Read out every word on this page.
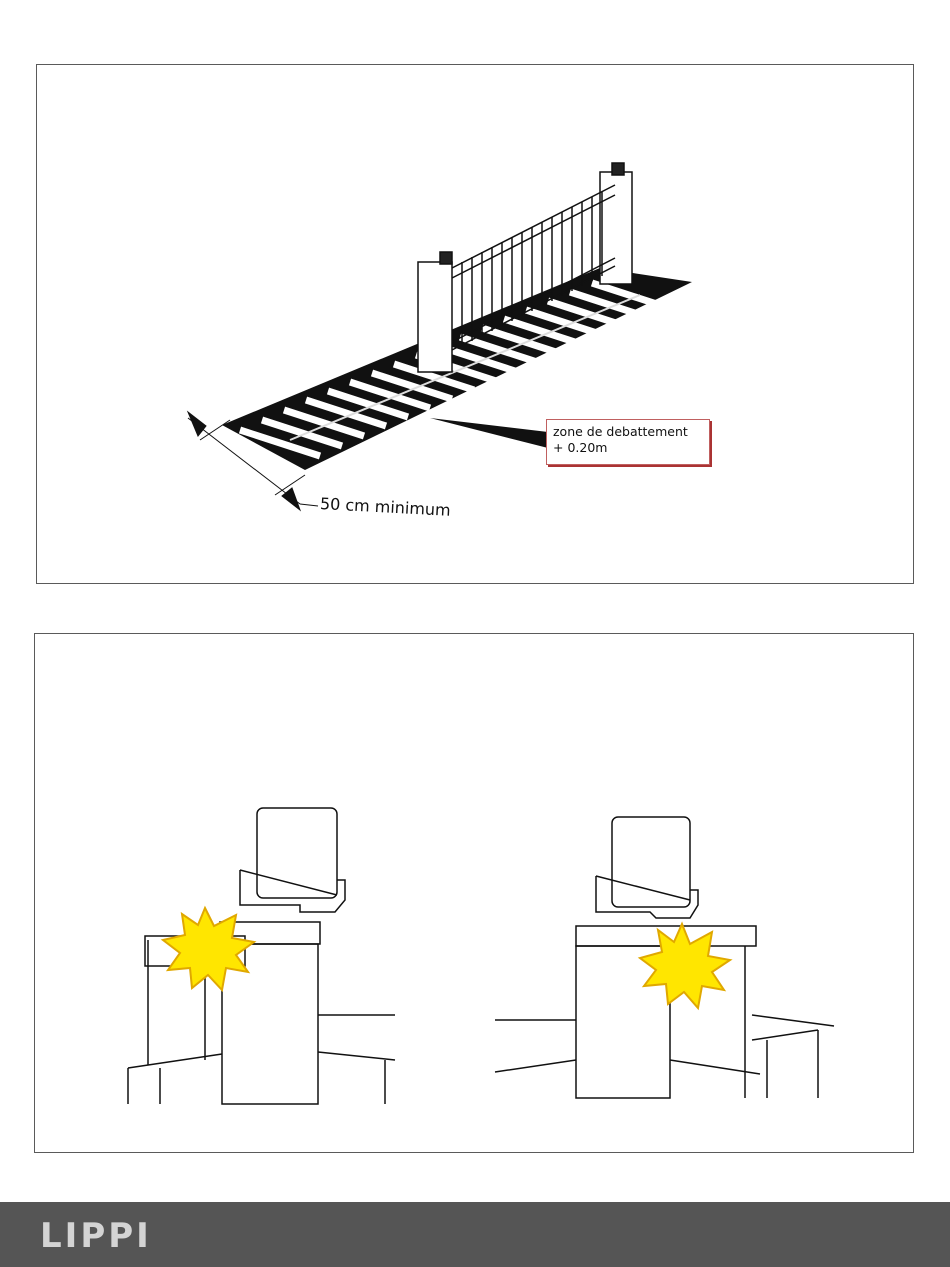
zone de debattement
+ 0.20m
50 cm minimum
LIPPI
